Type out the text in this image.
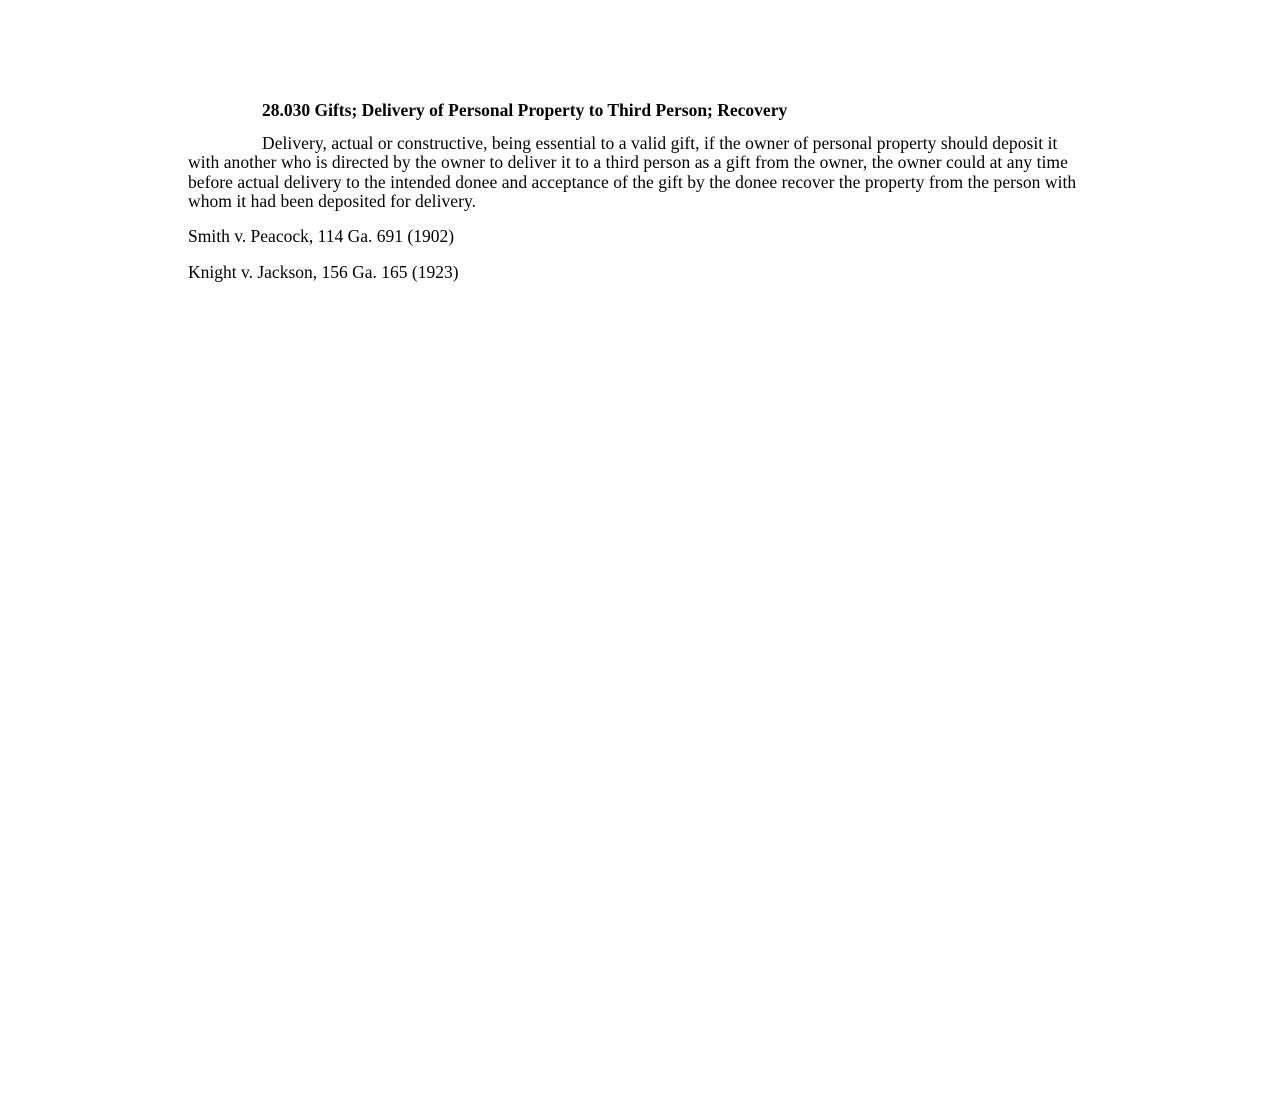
28.030 Gifts; Delivery of Personal Property to Third Person; Recovery

Delivery, actual or constructive, being essential to a valid gift, if the owner of personal property should deposit it with another who is directed by the owner to deliver it to a third person as a gift from the owner, the owner could at any time before actual delivery to the intended donee and acceptance of the gift by the donee recover the property from the person with whom it had been deposited for delivery.

Smith v. Peacock, 114 Ga. 691 (1902)

Knight v. Jackson, 156 Ga. 165 (1923)
